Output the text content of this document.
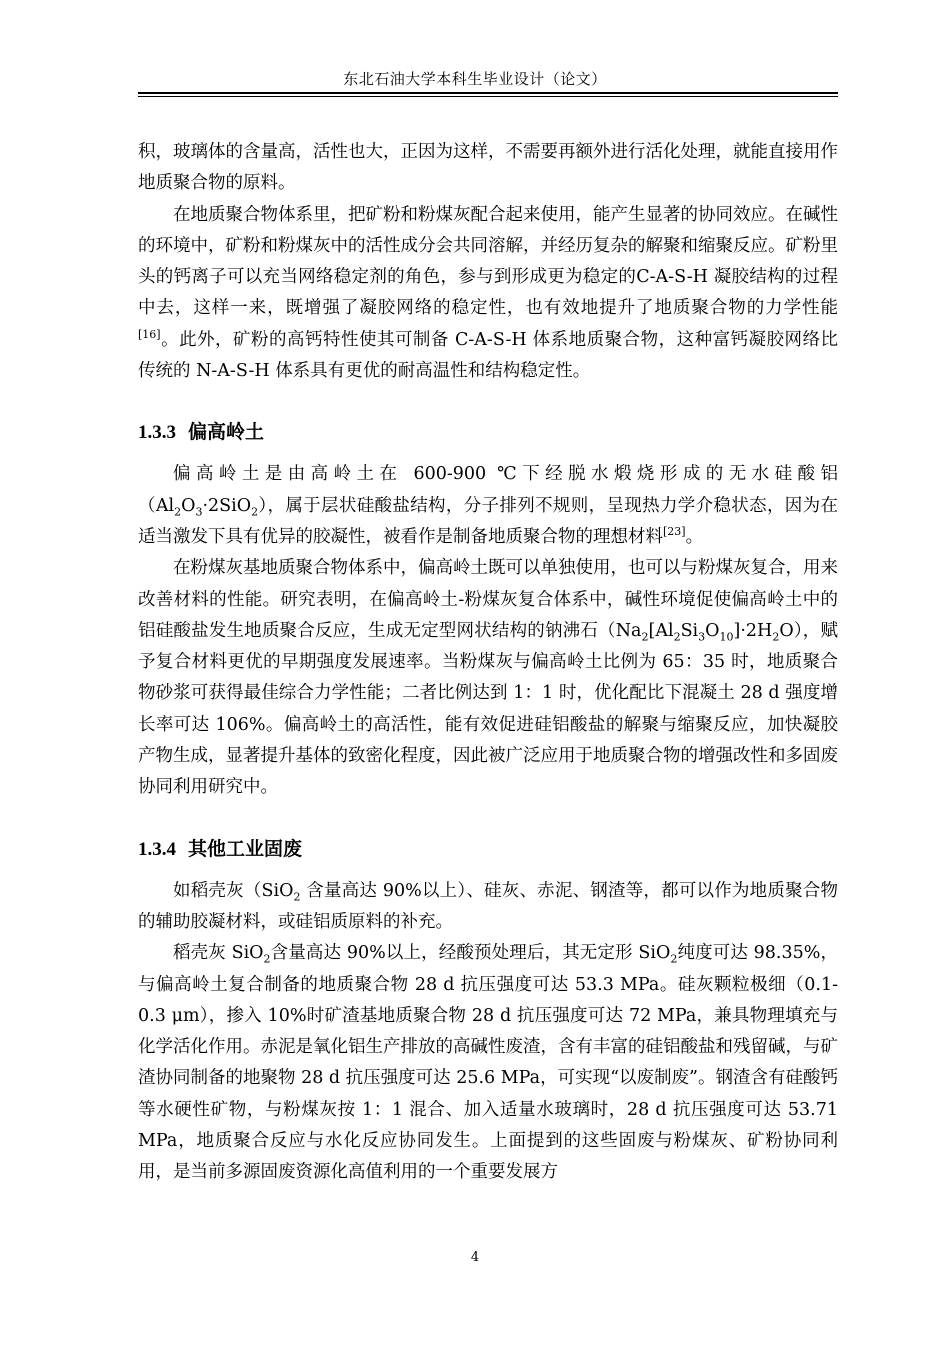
东北石油大学本科生毕业设计（论文）

积，玻璃体的含量高，活性也大，正因为这样，不需要再额外进行活化处理，就能直接用作地质聚合物的原料。

在地质聚合物体系里，把矿粉和粉煤灰配合起来使用，能产生显著的协同效应。在碱性的环境中，矿粉和粉煤灰中的活性成分会共同溶解，并经历复杂的解聚和缩聚反应。矿粉里头的钙离子可以充当网络稳定剂的角色，参与到形成更为稳定的C-A-S-H 凝胶结构的过程中去，这样一来，既增强了凝胶网络的稳定性，也有效地提升了地质聚合物的力学性能[16]。此外，矿粉的高钙特性使其可制备 C-A-S-H 体系地质聚合物，这种富钙凝胶网络比传统的 N-A-S-H 体系具有更优的耐高温性和结构稳定性。

1.3.3 偏高岭土

偏高岭土是由高岭土在 600-900 ℃下经脱水煅烧形成的无水硅酸铝$(Al_2O_3\cdot 2SiO_2)$，属于层状硅酸盐结构，分子排列不规则，呈现热力学介稳状态，因为在适当激发下具有优异的胶凝性，被看作是制备地质聚合物的理想材料[23]。

在粉煤灰基地质聚合物体系中，偏高岭土既可以单独使用，也可以与粉煤灰复合，用来改善材料的性能。研究表明，在偏高岭土-粉煤灰复合体系中，碱性环境促使偏高岭土中的铝硅酸盐发生地质聚合反应，生成无定型网状结构的钠沸石$(Na_2[Al_2Si_3O_{10}]\cdot 2H_2O)$，赋予复合材料更优的早期强度发展速率。当粉煤灰与偏高岭土比例为 65：35 时，地质聚合物砂浆可获得最佳综合力学性能；二者比例达到 1：1 时，优化配比下混凝土 28 d 强度增长率可达 106%。偏高岭土的高活性，能有效促进硅铝酸盐的解聚与缩聚反应，加快凝胶产物生成，显著提升基体的致密化程度，因此被广泛应用于地质聚合物的增强改性和多固废协同利用研究中。

1.3.4 其他工业固废

如稻壳灰（SiO$_2$ 含量高达 90%以上）、硅灰、赤泥、钢渣等，都可以作为地质聚合物的辅助胶凝材料，或硅铝质原料的补充。

稻壳灰 SiO$_2$含量高达 90%以上，经酸预处理后，其无定形 SiO$_2$纯度可达 98.35%，与偏高岭土复合制备的地质聚合物 28 d 抗压强度可达 53.3 MPa。硅灰颗粒极细（0.1-0.3 μm），掺入 10%时矿渣基地质聚合物 28 d 抗压强度可达 72 MPa，兼具物理填充与化学活化作用。赤泥是氧化铝生产排放的高碱性废渣，含有丰富的硅铝酸盐和残留碱，与矿渣协同制备的地聚物 28 d 抗压强度可达 25.6 MPa，可实现“以废制废”。钢渣含有硅酸钙等水硬性矿物，与粉煤灰按 1：1 混合、加入适量水玻璃时，28 d 抗压强度可达 53.71 MPa，地质聚合反应与水化反应协同发生。上面提到的这些固废与粉煤灰、矿粉协同利用，是当前多源固废资源化高值利用的一个重要发展方

4
